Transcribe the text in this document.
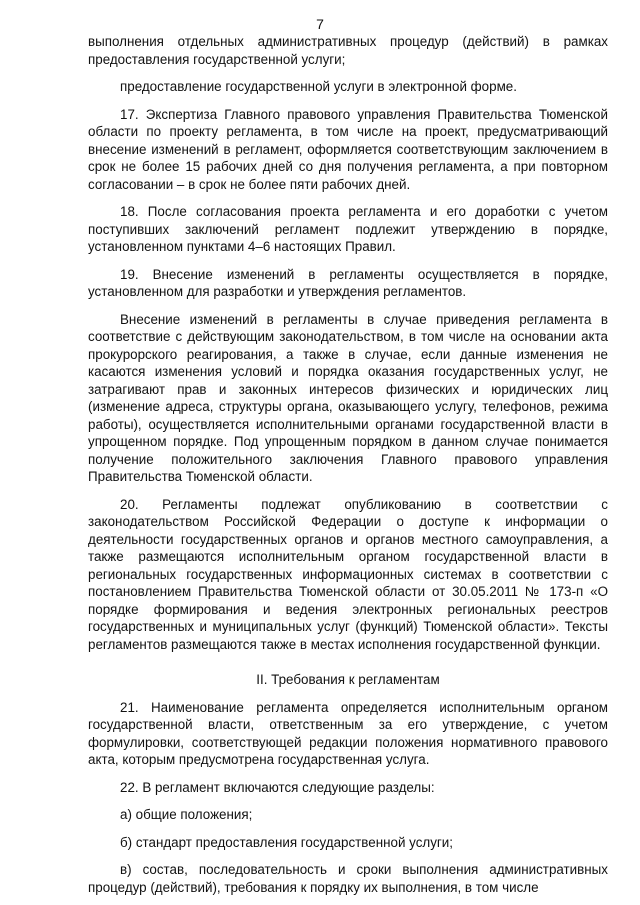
7

выполнения отдельных административных процедур (действий) в рамках предоставления государственной услуги;

предоставление государственной услуги в электронной форме.

17. Экспертиза Главного правового управления Правительства Тюменской области по проекту регламента, в том числе на проект, предусматривающий внесение изменений в регламент, оформляется соответствующим заключением в срок не более 15 рабочих дней со дня получения регламента, а при повторном согласовании – в срок не более пяти рабочих дней.

18. После согласования проекта регламента и его доработки с учетом поступивших заключений регламент подлежит утверждению в порядке, установленном пунктами 4–6 настоящих Правил.

19. Внесение изменений в регламенты осуществляется в порядке, установленном для разработки и утверждения регламентов.

Внесение изменений в регламенты в случае приведения регламента в соответствие с действующим законодательством, в том числе на основании акта прокурорского реагирования, а также в случае, если данные изменения не касаются изменения условий и порядка оказания государственных услуг, не затрагивают прав и законных интересов физических и юридических лиц (изменение адреса, структуры органа, оказывающего услугу, телефонов, режима работы), осуществляется исполнительными органами государственной власти в упрощенном порядке. Под упрощенным порядком в данном случае понимается получение положительного заключения Главного правового управления Правительства Тюменской области.

20. Регламенты подлежат опубликованию в соответствии с законодательством Российской Федерации о доступе к информации о деятельности государственных органов и органов местного самоуправления, а также размещаются исполнительным органом государственной власти в региональных государственных информационных системах в соответствии с постановлением Правительства Тюменской области от 30.05.2011 № 173-п «О порядке формирования и ведения электронных региональных реестров государственных и муниципальных услуг (функций) Тюменской области». Тексты регламентов размещаются также в местах исполнения государственной функции.

II. Требования к регламентам

21. Наименование регламента определяется исполнительным органом государственной власти, ответственным за его утверждение, с учетом формулировки, соответствующей редакции положения нормативного правового акта, которым предусмотрена государственная услуга.

22. В регламент включаются следующие разделы:

а) общие положения;

б) стандарт предоставления государственной услуги;

в) состав, последовательность и сроки выполнения административных процедур (действий), требования к порядку их выполнения, в том числе
